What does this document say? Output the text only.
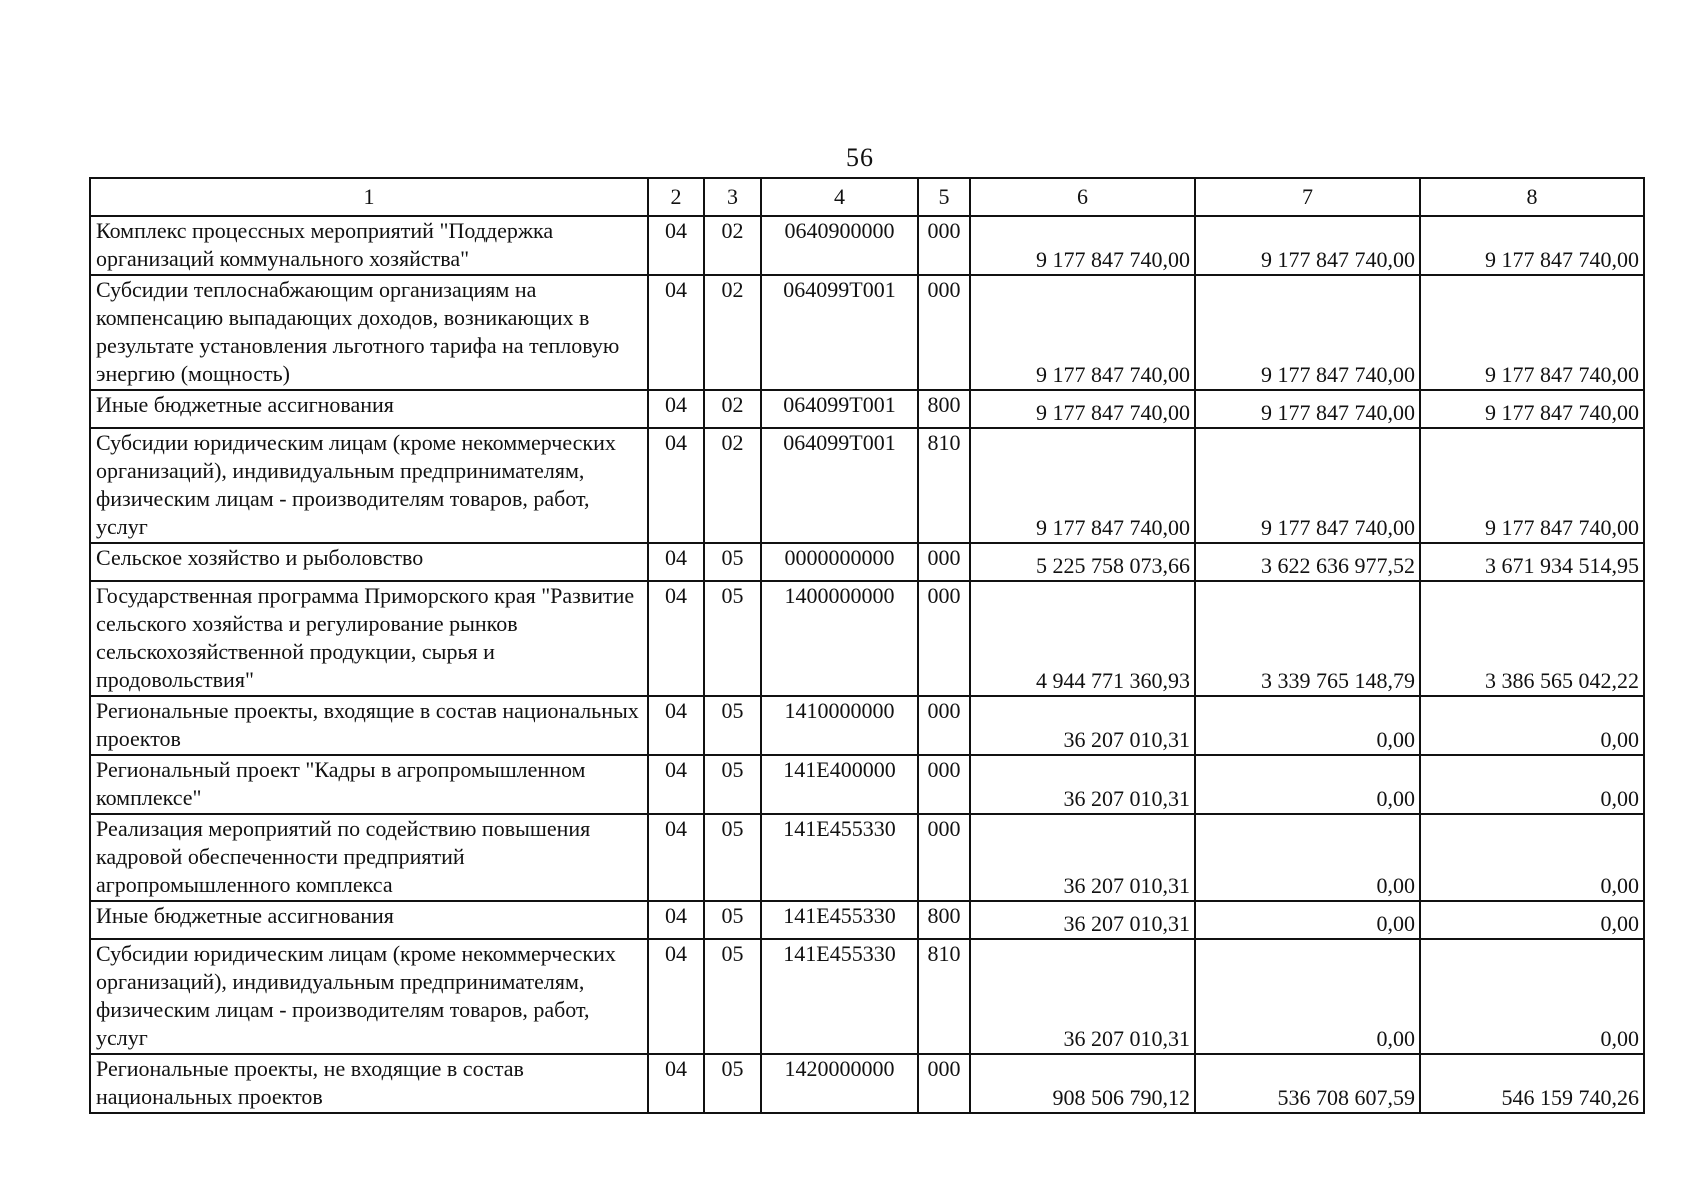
56
1	2	3	4	5	6	7	8
Комплекс процессных мероприятий "Поддержка организаций коммунального хозяйства"	04	02	0640900000	000	9 177 847 740,00	9 177 847 740,00	9 177 847 740,00
Субсидии теплоснабжающим организациям на компенсацию выпадающих доходов, возникающих в результате установления льготного тарифа на тепловую энергию (мощность)	04	02	064099Т001	000	9 177 847 740,00	9 177 847 740,00	9 177 847 740,00
Иные бюджетные ассигнования	04	02	064099Т001	800	9 177 847 740,00	9 177 847 740,00	9 177 847 740,00
Субсидии юридическим лицам (кроме некоммерческих организаций), индивидуальным предпринимателям, физическим лицам - производителям товаров, работ, услуг	04	02	064099Т001	810	9 177 847 740,00	9 177 847 740,00	9 177 847 740,00
Сельское хозяйство и рыболовство	04	05	0000000000	000	5 225 758 073,66	3 622 636 977,52	3 671 934 514,95
Государственная программа Приморского края "Развитие сельского хозяйства и регулирование рынков сельскохозяйственной продукции, сырья и продовольствия"	04	05	1400000000	000	4 944 771 360,93	3 339 765 148,79	3 386 565 042,22
Региональные проекты, входящие в состав национальных проектов	04	05	1410000000	000	36 207 010,31	0,00	0,00
Региональный проект "Кадры в агропромышленном комплексе"	04	05	141Е400000	000	36 207 010,31	0,00	0,00
Реализация мероприятий по содействию повышения кадровой обеспеченности предприятий агропромышленного комплекса	04	05	141Е455330	000	36 207 010,31	0,00	0,00
Иные бюджетные ассигнования	04	05	141Е455330	800	36 207 010,31	0,00	0,00
Субсидии юридическим лицам (кроме некоммерческих организаций), индивидуальным предпринимателям, физическим лицам - производителям товаров, работ, услуг	04	05	141Е455330	810	36 207 010,31	0,00	0,00
Региональные проекты, не входящие в состав национальных проектов	04	05	1420000000	000	908 506 790,12	536 708 607,59	546 159 740,26
